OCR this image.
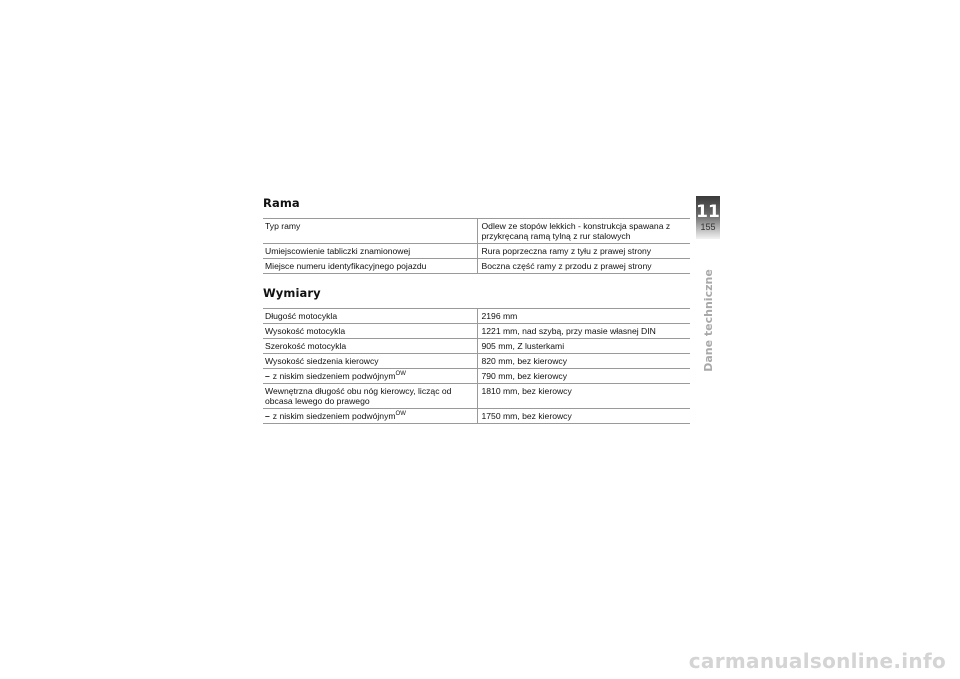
Rama
Typ ramy	Odlew ze stopów lekkich - konstrukcja spawana z przykręcaną ramą tylną z rur stalowych
Umiejscowienie tabliczki znamionowej	Rura poprzeczna ramy z tyłu z prawej strony
Miejsce numeru identyfikacyjnego pojazdu	Boczna część ramy z przodu z prawej strony
Wymiary
Długość motocykla	2196 mm
Wysokość motocykla	1221 mm, nad szybą, przy masie własnej DIN
Szerokość motocykla	905 mm, Z lusterkami
Wysokość siedzenia kierowcy	820 mm, bez kierowcy
– z niskim siedzeniem podwójnym$^{OW}$	790 mm, bez kierowcy
Wewnętrzna długość obu nóg kierowcy, licząc od obcasa lewego do prawego	1810 mm, bez kierowcy
– z niskim siedzeniem podwójnym$^{OW}$	1750 mm, bez kierowcy
11
155
Dane techniczne
carmanualsonline.info
